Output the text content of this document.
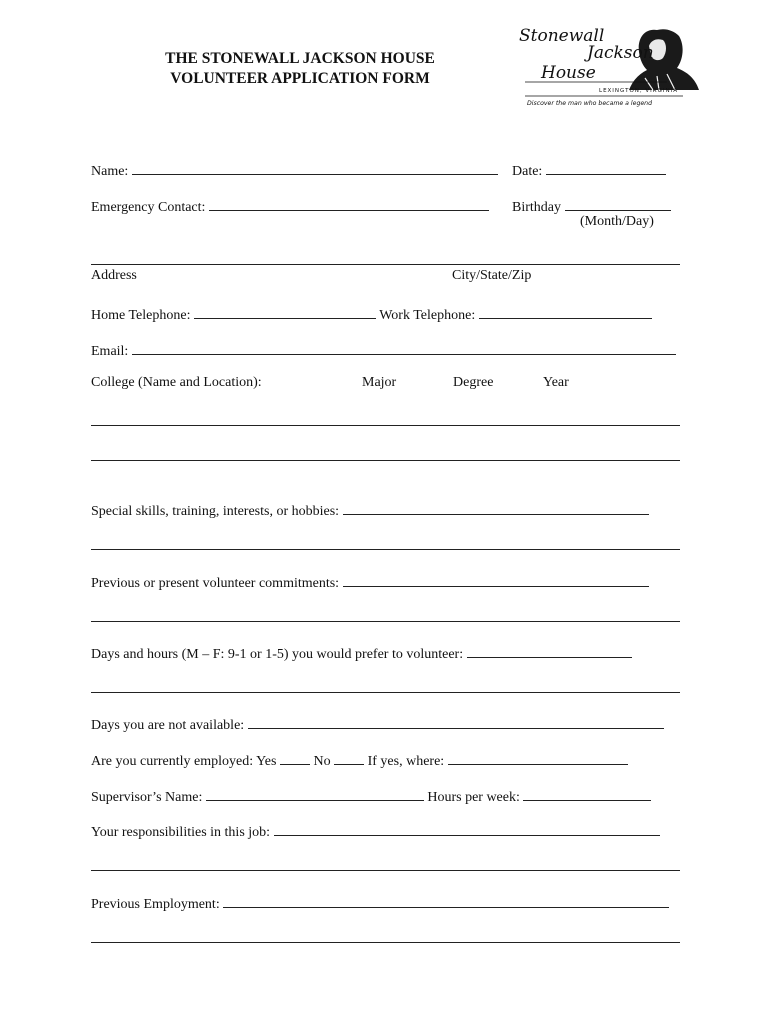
THE STONEWALL JACKSON HOUSE
VOLUNTEER APPLICATION FORM
Stonewall
Jackson
House
LEXINGTON, VIRGINIA
Discover the man who became a legend
Name:	Date:
Emergency Contact:	Birthday
(Month/Day)
Address	City/State/Zip
Home Telephone:	Work Telephone:
Email:
College (Name and Location):	Major	Degree	Year
Special skills, training, interests, or hobbies:
Previous or present volunteer commitments:
Days and hours (M – F: 9-1 or 1-5) you would prefer to volunteer:
Days you are not available:
Are you currently employed: Yes	No	If yes, where:
Supervisor’s Name:	Hours per week:
Your responsibilities in this job:
Previous Employment:
